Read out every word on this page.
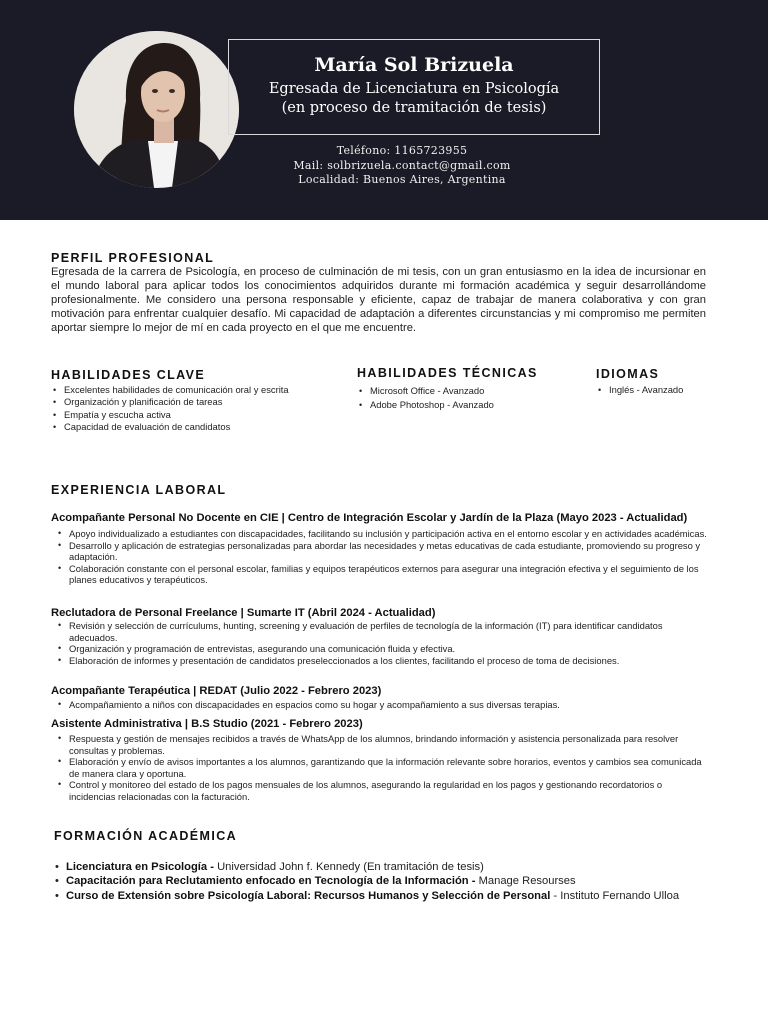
María Sol Brizuela
Egresada de Licenciatura en Psicología
(en proceso de tramitación de tesis)
Teléfono: 1165723955
Mail: solbrizuela.contact@gmail.com
Localidad: Buenos Aires, Argentina
PERFIL PROFESIONAL
Egresada de la carrera de Psicología, en proceso de culminación de mi tesis, con un gran entusiasmo en la idea de incursionar en el mundo laboral para aplicar todos los conocimientos adquiridos durante mi formación académica y seguir desarrollándome profesionalmente. Me considero una persona responsable y eficiente, capaz de trabajar de manera colaborativa y con gran motivación para enfrentar cualquier desafío. Mi capacidad de adaptación a diferentes circunstancias y mi compromiso me permiten aportar siempre lo mejor de mí en cada proyecto en el que me encuentre.
HABILIDADES CLAVE
• Excelentes habilidades de comunicación oral y escrita
• Organización y planificación de tareas
• Empatía y escucha activa
• Capacidad de evaluación de candidatos
HABILIDADES TÉCNICAS
• Microsoft Office - Avanzado
• Adobe Photoshop - Avanzado
IDIOMAS
• Inglés - Avanzado
EXPERIENCIA LABORAL
Acompañante Personal No Docente en CIE | Centro de Integración Escolar y Jardín de la Plaza (Mayo 2023 - Actualidad)
• Apoyo individualizado a estudiantes con discapacidades, facilitando su inclusión y participación activa en el entorno escolar y en actividades académicas.
• Desarrollo y aplicación de estrategias personalizadas para abordar las necesidades y metas educativas de cada estudiante, promoviendo su progreso y adaptación.
• Colaboración constante con el personal escolar, familias y equipos terapéuticos externos para asegurar una integración efectiva y el seguimiento de los planes educativos y terapéuticos.
Reclutadora de Personal Freelance | Sumarte IT (Abril 2024 - Actualidad)
• Revisión y selección de currículums, hunting, screening y evaluación de perfiles de tecnología de la información (IT) para identificar candidatos adecuados.
• Organización y programación de entrevistas, asegurando una comunicación fluida y efectiva.
• Elaboración de informes y presentación de candidatos preseleccionados a los clientes, facilitando el proceso de toma de decisiones.
Acompañante Terapéutica | REDAT (Julio 2022 - Febrero 2023)
• Acompañamiento a niños con discapacidades en espacios como su hogar y acompañamiento a sus diversas terapias.
Asistente Administrativa | B.S Studio (2021 - Febrero 2023)
• Respuesta y gestión de mensajes recibidos a través de WhatsApp de los alumnos, brindando información y asistencia personalizada para resolver consultas y problemas.
• Elaboración y envío de avisos importantes a los alumnos, garantizando que la información relevante sobre horarios, eventos y cambios sea comunicada de manera clara y oportuna.
• Control y monitoreo del estado de los pagos mensuales de los alumnos, asegurando la regularidad en los pagos y gestionando recordatorios o incidencias relacionadas con la facturación.
FORMACIÓN ACADÉMICA
• Licenciatura en Psicología - Universidad John f. Kennedy (En tramitación de tesis)
• Capacitación para Reclutamiento enfocado en Tecnología de la Información - Manage Resourses
• Curso de Extensión sobre Psicología Laboral: Recursos Humanos y Selección de Personal - Instituto Fernando Ulloa
